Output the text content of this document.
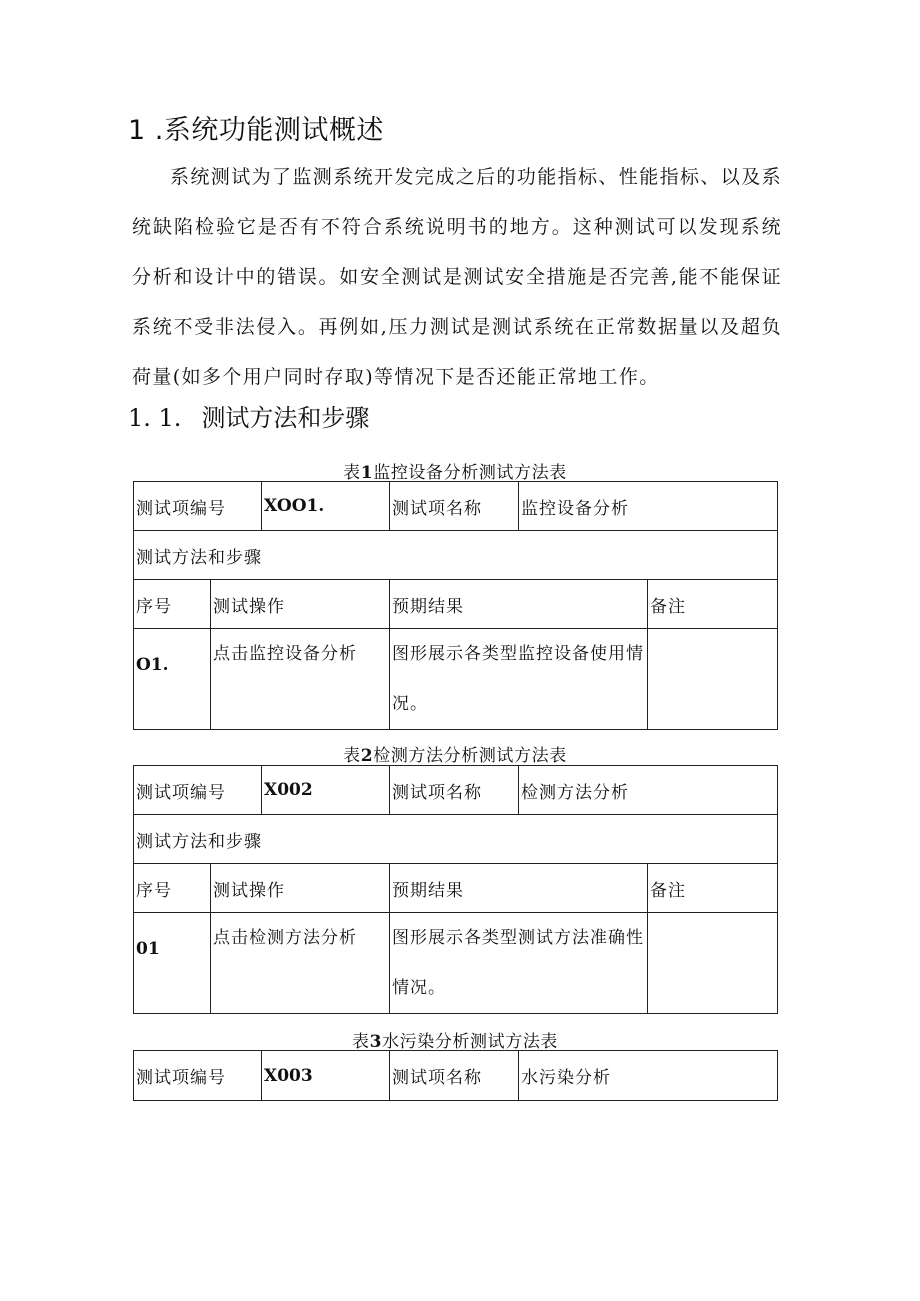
1 .系统功能测试概述
系统测试为了监测系统开发完成之后的功能指标、性能指标、以及系统缺陷检验它是否有不符合系统说明书的地方。这种测试可以发现系统分析和设计中的错误。如安全测试是测试安全措施是否完善,能不能保证系统不受非法侵入。再例如,压力测试是测试系统在正常数据量以及超负荷量(如多个用户同时存取)等情况下是否还能正常地工作。
1. 1. 测试方法和步骤
表1监控设备分析测试方法表
测试项编号		XOO1.	测试项名称	监控设备分析	
测试方法和步骤					
序号	测试操作		预期结果		备注
O1.	点击监控设备分析		图形展示各类型监控设备使用情况。		
表2检测方法分析测试方法表
测试项编号		X002	测试项名称	检测方法分析	
测试方法和步骤					
序号	测试操作		预期结果		备注
01	点击检测方法分析		图形展示各类型测试方法准确性情况。		
表3水污染分析测试方法表
测试项编号	X003	测试项名称	水污染分析
